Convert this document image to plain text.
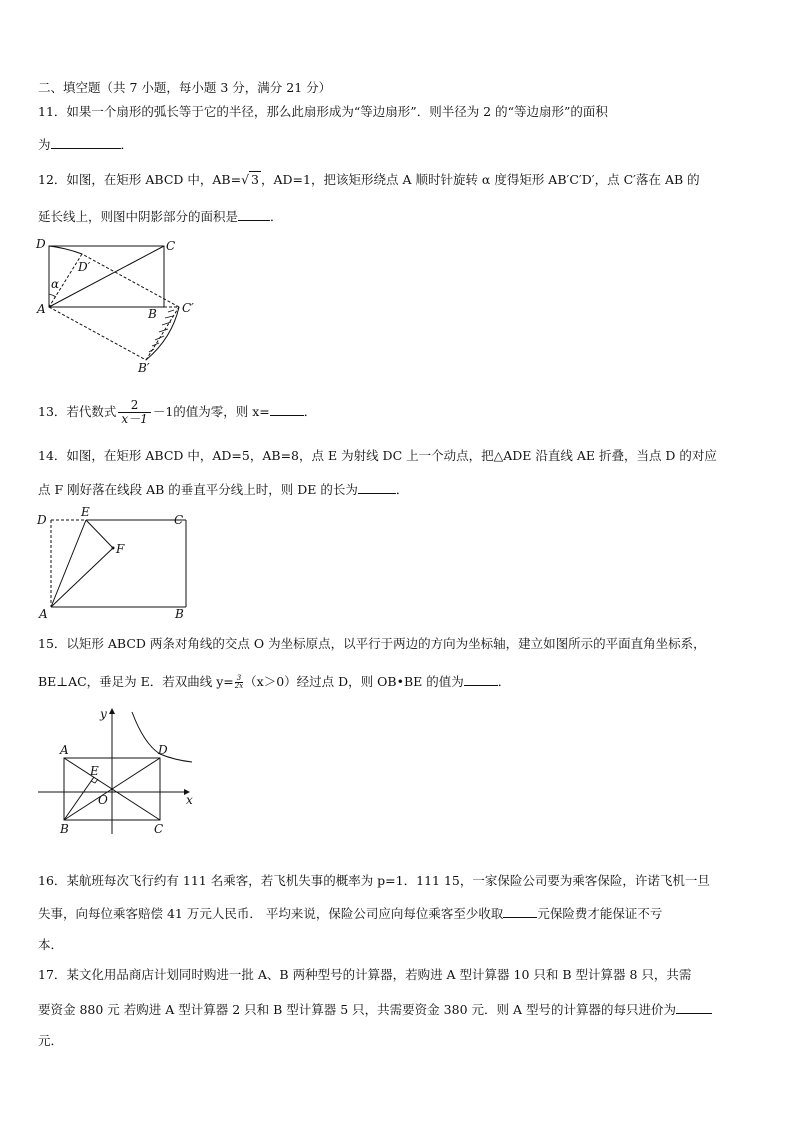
二、填空题（共 7 小题，每小题 3 分，满分 21 分）
11．如果一个扇形的弧长等于它的半径，那么此扇形成为“等边扇形”．则半径为 2 的“等边扇形”的面积
为	．
12．如图，在矩形 ABCD 中，AB=√ 3 ，AD=1，把该矩形绕点 A 顺时针旋转 α 度得矩形 AB′C′D′，点 C′落在 AB 的
延长线上，则图中阴影部分的面积是	．
D	C
D′
α
A	B C′
B′
13．若代数式 $\frac{2}{x-1} -1$的值为零，则 x=	．
14．如图，在矩形 ABCD 中，AD=5，AB=8，点 E 为射线 DC 上一个动点，把△ADE 沿直线 AE 折叠，当点 D 的对应
点 F 刚好落在线段 AB 的垂直平分线上时，则 DE 的长为	．
D
E
C
F
A	B
15．以矩形 ABCD 两条对角线的交点 O 为坐标原点，以平行于两边的方向为坐标轴，建立如图所示的平面直角坐标系，
BE⊥AC，垂足为 E．若双曲线 $y= \frac{3}{2x} (x>0)$经过点 D，则 OB•BE 的值为	．
y
x
A	D
E
O
B	C
16．某航班每次飞行约有 111 名乘客，若飞机失事的概率为 p=1．111 15，一家保险公司要为乘客保险，许诺飞机一旦
失事，向每位乘客赔偿 41 万元人民币． 平均来说，保险公司应向每位乘客至少收取	元保险费才能保证不亏
本．
17．某文化用品商店计划同时购进一批 A、B 两种型号的计算器，若购进 A 型计算器 10 只和 B 型计算器 8 只，共需
要资金 880 元 若购进 A 型计算器 2 只和 B 型计算器 5 只，共需要资金 380 元．则 A 型号的计算器的每只进价为
元．
